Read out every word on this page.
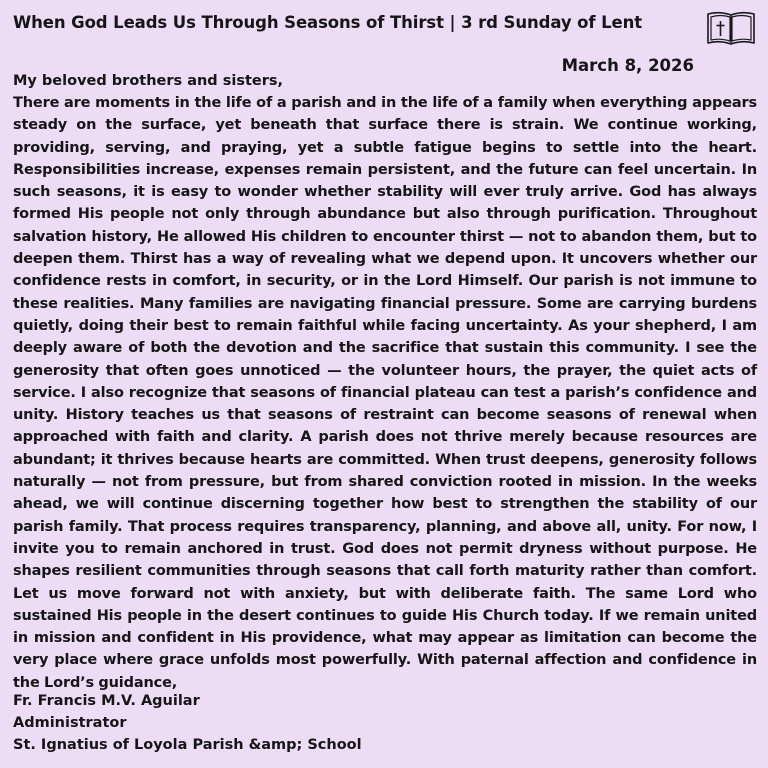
When God Leads Us Through Seasons of Thirst | 3 rd Sunday of Lent
March 8, 2026
My beloved brothers and sisters,
There are moments in the life of a parish and in the life of a family when everything appears steady on the surface, yet beneath that surface there is strain. We continue working, providing, serving, and praying, yet a subtle fatigue begins to settle into the heart. Responsibilities increase, expenses remain persistent, and the future can feel uncertain. In such seasons, it is easy to wonder whether stability will ever truly arrive. God has always formed His people not only through abundance but also through purification. Throughout salvation history, He allowed His children to encounter thirst — not to abandon them, but to deepen them. Thirst has a way of revealing what we depend upon. It uncovers whether our confidence rests in comfort, in security, or in the Lord Himself. Our parish is not immune to these realities. Many families are navigating financial pressure. Some are carrying burdens quietly, doing their best to remain faithful while facing uncertainty. As your shepherd, I am deeply aware of both the devotion and the sacrifice that sustain this community. I see the generosity that often goes unnoticed — the volunteer hours, the prayer, the quiet acts of service. I also recognize that seasons of financial plateau can test a parish’s confidence and unity. History teaches us that seasons of restraint can become seasons of renewal when approached with faith and clarity. A parish does not thrive merely because resources are abundant; it thrives because hearts are committed. When trust deepens, generosity follows naturally — not from pressure, but from shared conviction rooted in mission. In the weeks ahead, we will continue discerning together how best to strengthen the stability of our parish family. That process requires transparency, planning, and above all, unity. For now, I invite you to remain anchored in trust. God does not permit dryness without purpose. He shapes resilient communities through seasons that call forth maturity rather than comfort. Let us move forward not with anxiety, but with deliberate faith. The same Lord who sustained His people in the desert continues to guide His Church today. If we remain united in mission and confident in His providence, what may appear as limitation can become the very place where grace unfolds most powerfully. With paternal affection and confidence in the Lord’s guidance,
Fr. Francis M.V. Aguilar
Administrator
St. Ignatius of Loyola Parish &amp; School
